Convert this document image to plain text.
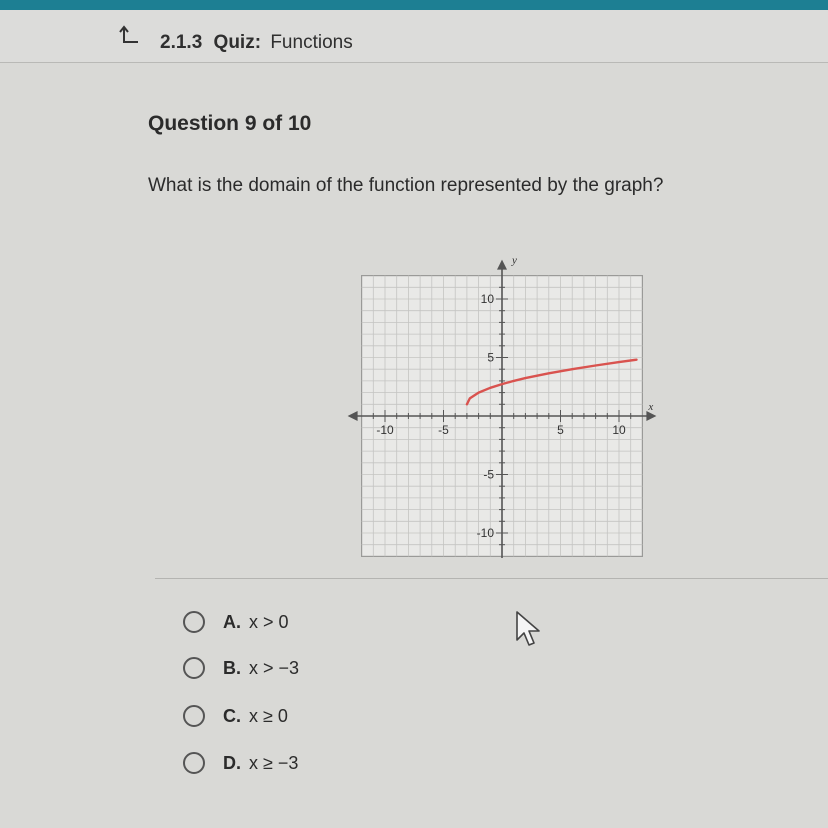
2.1.3 Quiz: Functions
Question 9 of 10
What is the domain of the function represented by the graph?
-10	-5	5	10
10
5
-5
-10
x
y
A. x > 0
B. x > −3
C. x ≥ 0
D. x ≥ −3
